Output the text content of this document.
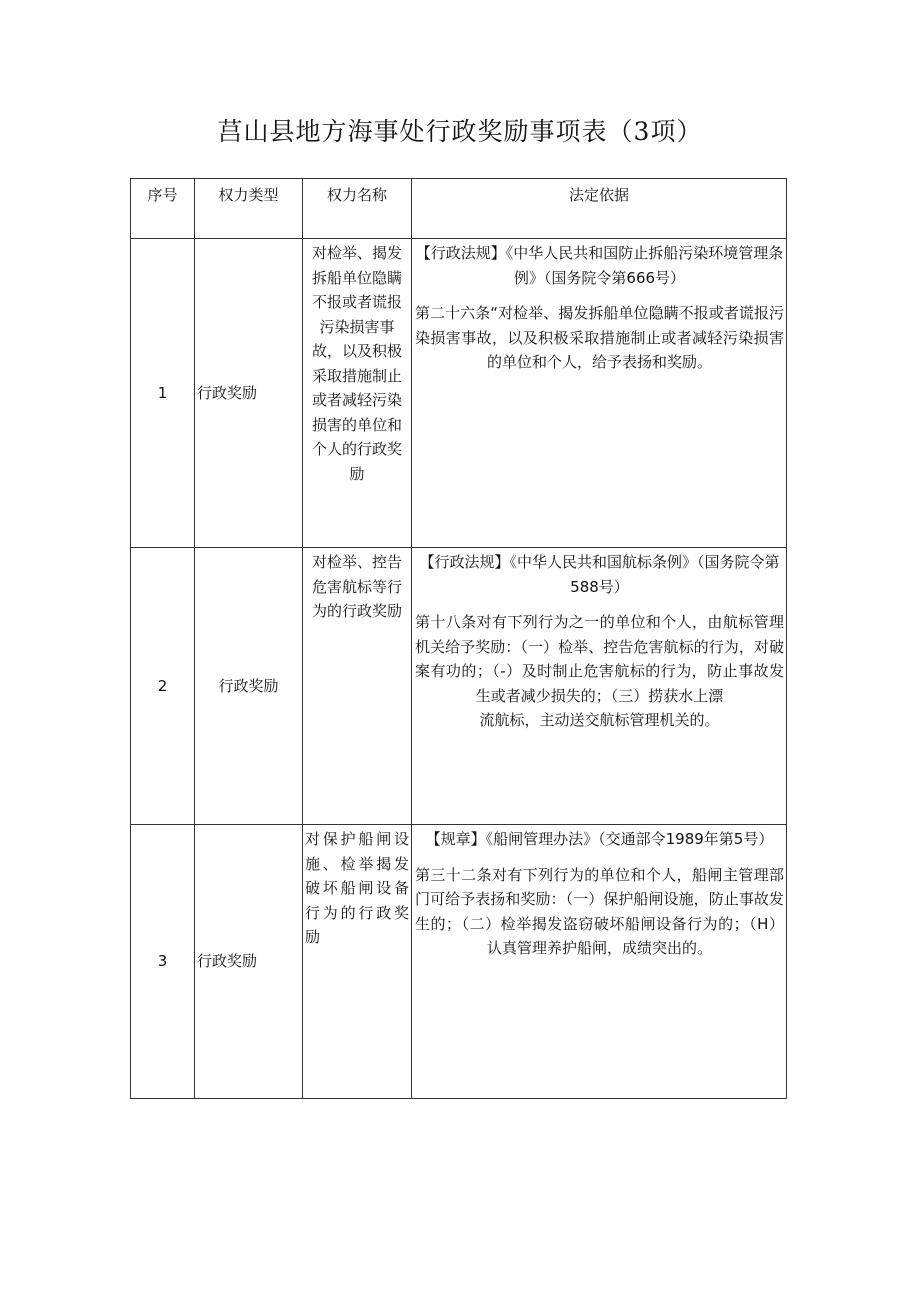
莒山县地方海事处行政奖励事项表（3项）
序号	权力类型	权力名称	法定依据
1	行政奖励	对检举、揭发拆船单位隐瞒不报或者谎报污染损害事故，以及积极采取措施制止或者减轻污染损害的单位和个人的行政奖励	【行政法规】《中华人民共和国防止拆船污染环境管理条例》（国务院令第666号）

第二十六条“对检举、揭发拆船单位隐瞒不报或者谎报污染损害事故，以及积极采取措施制止或者减轻污染损害的单位和个人，给予表扬和奖励。

2	行政奖励	对检举、控告危害航标等行为的行政奖励	【行政法规】《中华人民共和国航标条例》（国务院令第588号）

第十八条对有下列行为之一的单位和个人，由航标管理机关给予奖励：（一）检举、控告危害航标的行为，对破案有功的；（-）及时制止危害航标的行为，防止事故发生或者减少损失的；（三）捞获水上漂

流航标，主动送交航标管理机关的。

3	行政奖励	对保护船闸设施、检举揭发破坏船闸设备行为的行政奖励	【规章】《船闸管理办法》（交通部令1989年第5号）

第三十二条对有下列行为的单位和个人，船闸主管理部门可给予表扬和奖励：（一）保护船闸设施，防止事故发生的；（二）检举揭发盗窃破坏船闸设备行为的；（H）认真管理养护船闸，成绩突出的。
